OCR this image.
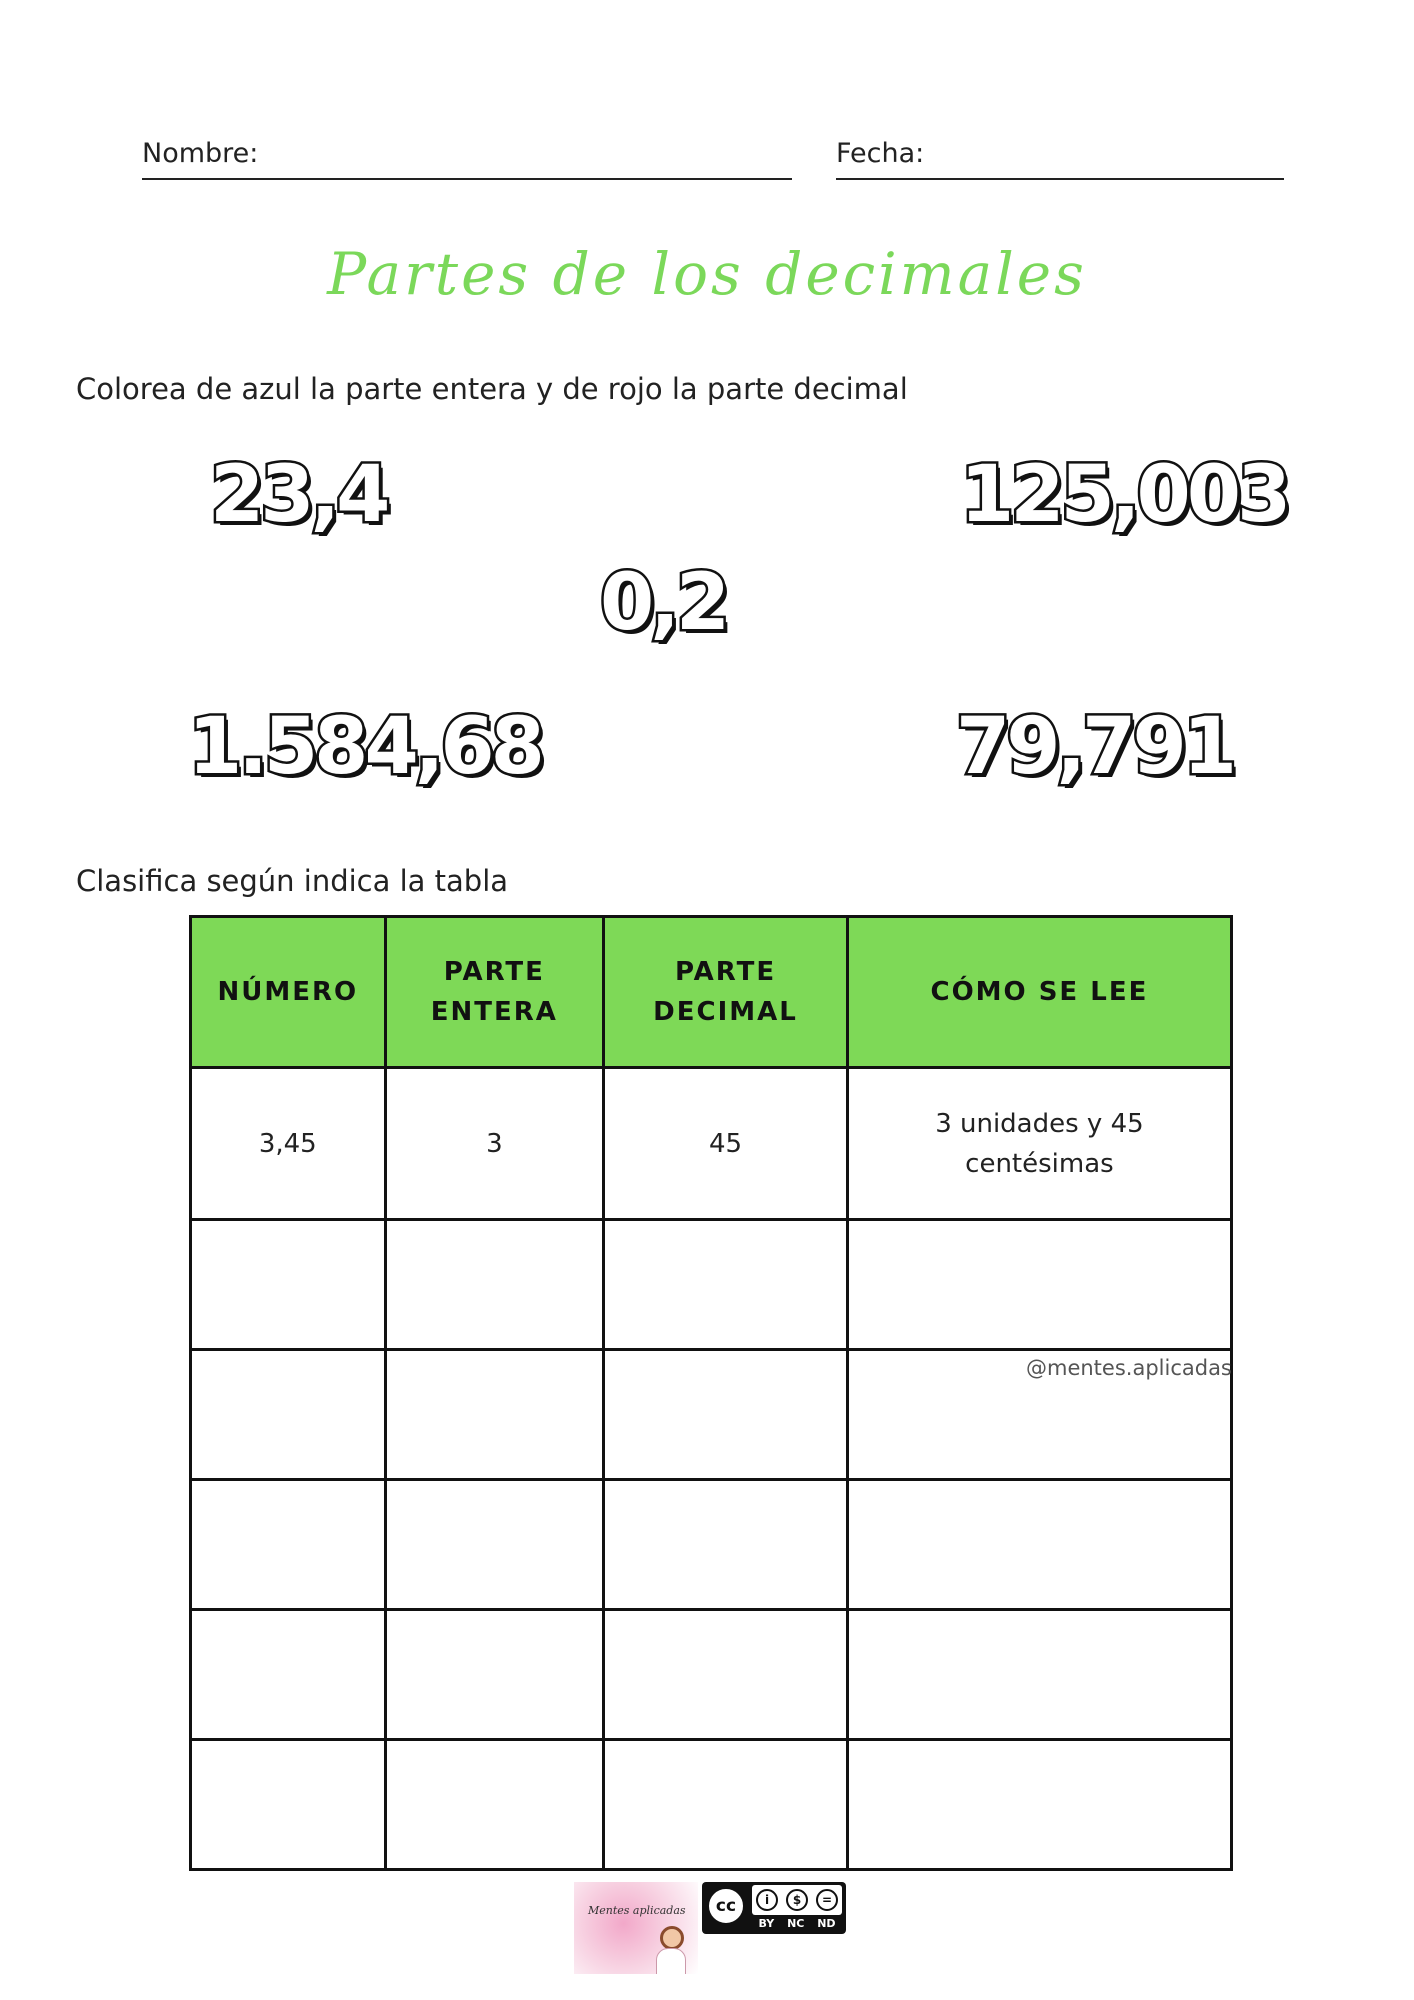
Nombre:	Fecha:
Partes de los decimales
Colorea de azul la parte entera y de rojo la parte decimal
23,4	125,003
0,2
1.584,68	79,791
Clasifica según indica la tabla
NÚMERO	PARTE ENTERA	PARTE DECIMAL	CÓMO SE LEE
3,45	3	45	3 unidades y 45 centésimas

@mentes.aplicadas
Mentes aplicadas	cc	i	$	=
BY NC ND
